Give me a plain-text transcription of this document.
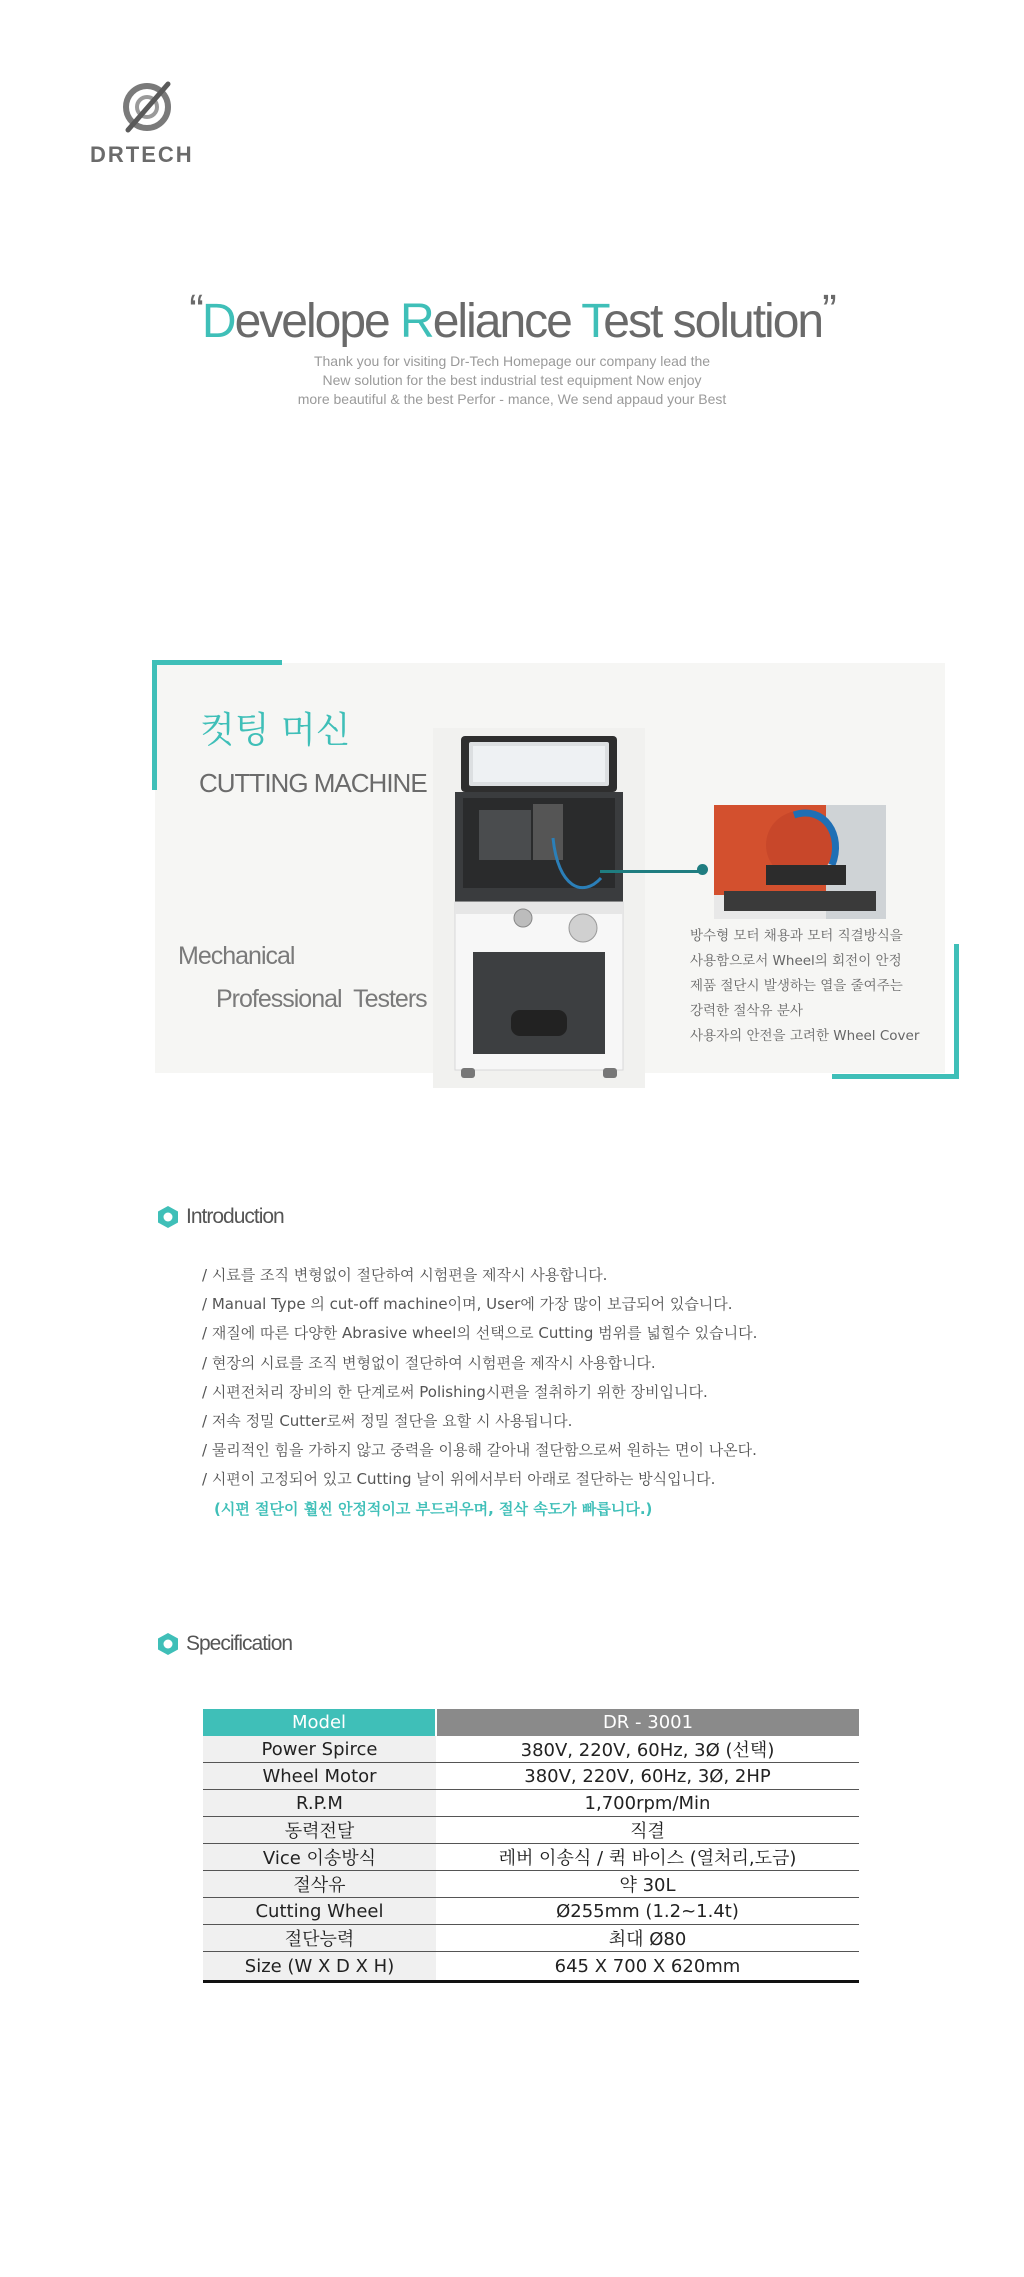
DRTECH
“Develope Reliance Test solution”
Thank you for visiting Dr-Tech Homepage our company lead the
New solution for the best industrial test equipment Now enjoy
more beautiful & the best Perfor - mance, We send appaud your Best
컷팅 머신
CUTTING MACHINE
Mechanical
Professional Testers
방수형 모터 채용과 모터 직결방식을
사용함으로서 Wheel의 회전이 안정
제품 절단시 발생하는 열을 줄여주는
강력한 절삭유 분사
사용자의 안전을 고려한 Wheel Cover
Introduction
/ 시료를 조직 변형없이 절단하여 시험편을 제작시 사용합니다.
/ Manual Type 의 cut-off machine이며, User에 가장 많이 보급되어 있습니다.
/ 재질에 따른 다양한 Abrasive wheel의 선택으로 Cutting 범위를 넓힐수 있습니다.
/ 현장의 시료를 조직 변형없이 절단하여 시험편을 제작시 사용합니다.
/ 시편전처리 장비의 한 단계로써 Polishing시편을 절취하기 위한 장비입니다.
/ 저속 정밀 Cutter로써 정밀 절단을 요할 시 사용됩니다.
/ 물리적인 힘을 가하지 않고 중력을 이용해 갈아내 절단함으로써 원하는 면이 나온다.
/ 시편이 고정되어 있고 Cutting 날이 위에서부터 아래로 절단하는 방식입니다.
(시편 절단이 훨씬 안정적이고 부드러우며, 절삭 속도가 빠릅니다.)
Specification
Model	DR - 3001
Power Spirce	380V, 220V, 60Hz, 3Ø (선택)
Wheel Motor	380V, 220V, 60Hz, 3Ø, 2HP
R.P.M	1,700rpm/Min
동력전달	직결
Vice 이송방식	레버 이송식 / 퀵 바이스 (열처리,도금)
절삭유	약 30L
Cutting Wheel	Ø255mm (1.2~1.4t)
절단능력	최대 Ø80
Size (W X D X H)	645 X 700 X 620mm
